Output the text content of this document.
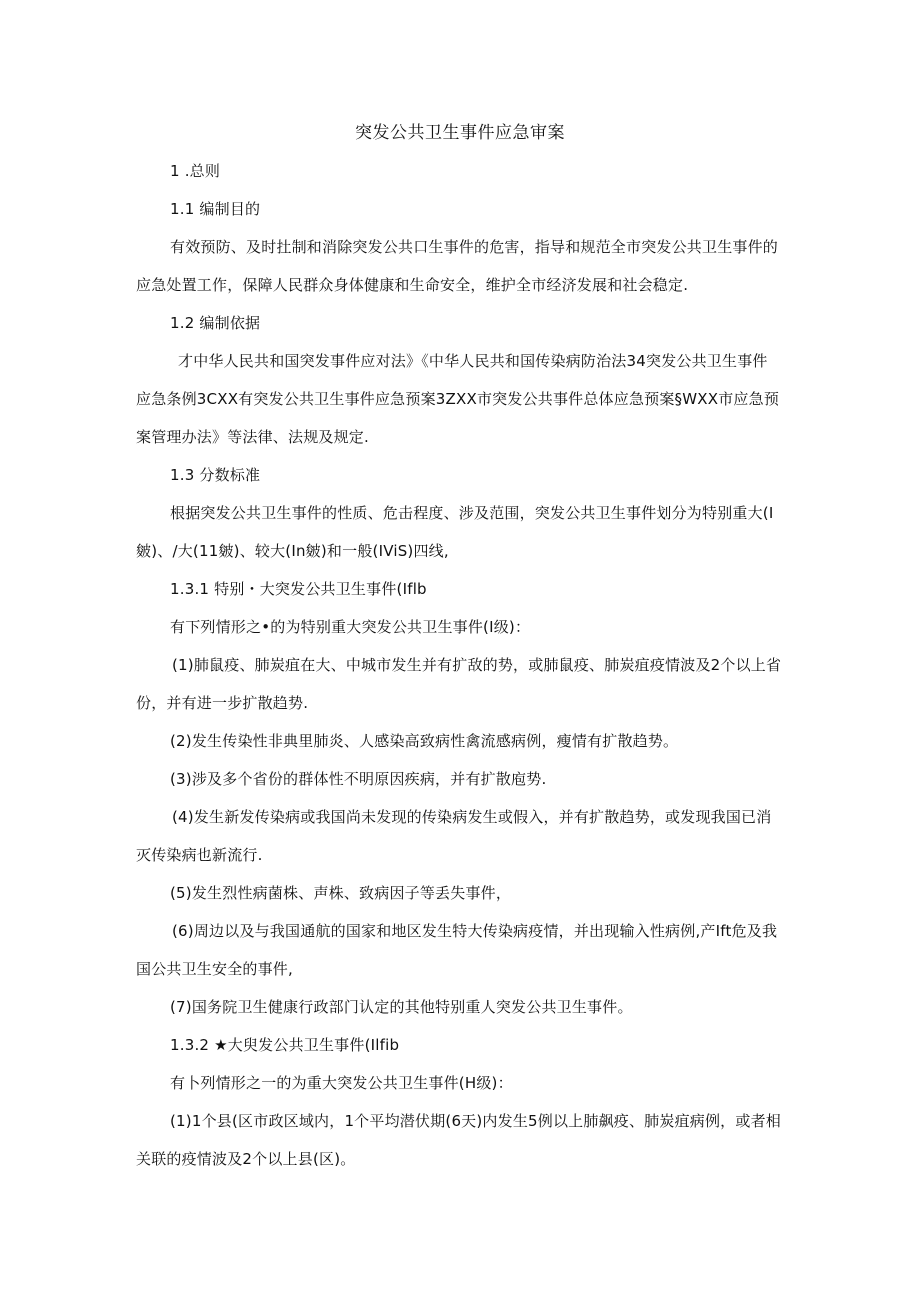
突发公共卫生事件应急审案
1 .总则
1.1 编制目的
有效预防、及时扗制和消除突发公共口生事件的危害，指导和规范全市突发公共卫生事件的
应急处置工作，保障人民群众身体健康和生命安全，维护全市经济发展和社会稳定.
1.2 编制依据
才中华人民共和国突发事件应对法》《中华人民共和国传染病防治法34突发公共卫生事件
应急条例3CXX有突发公共卫生事件应急预案3ZXX市突发公共事件总体应急预案§WXX市应急预
案管理办法》等法律、法规及规定.
1.3 分数标准
根据突发公共卫生事件的性质、危击程度、涉及范围，突发公共卫生事件划分为特别重大(I
皴)、/大(11皴)、较大(In皴)和一般(IViS)四线,
1.3.1 特别・大突发公共卫生事件(Iflb
有下列情形之•的为特别重大突发公共卫生事件(I级)：
(1)肺鼠疫、肺炭疽在大、中城市发生并有扩敌的势，或肺鼠疫、肺炭疽疫情波及2个以上省
份，并有进一步扩散趋势.
(2)发生传染性非典里肺炎、人感染高致病性禽流感病例，瘦情有扩散趋势。
(3)涉及多个省份的群体性不明原因疾病，并有扩散庖势.
(4)发生新发传染病或我国尚未发现的传染病发生或假入，并有扩散趋势，或发现我国已消
灭传染病也新流行.
(5)发生烈性病菌株、声株、致病因子等丢失事件，
(6)周边以及与我国通航的国家和地区发生特大传染病疫情，并出现输入性病例,产Ift危及我
国公共卫生安全的事件,
(7)国务院卫生健康行政部门认定的其他特别重人突发公共卫生事件。
1.3.2 ★大臾发公共卫生事件(Ilfib
有卜列情形之一的为重大突发公共卫生事件(H级)：
(1)1个县(区市政区域内，1个平均潜伏期(6天)内发生5例以上肺飙疫、肺炭疽病例，或者相
关联的疫情波及2个以上县(区)。
